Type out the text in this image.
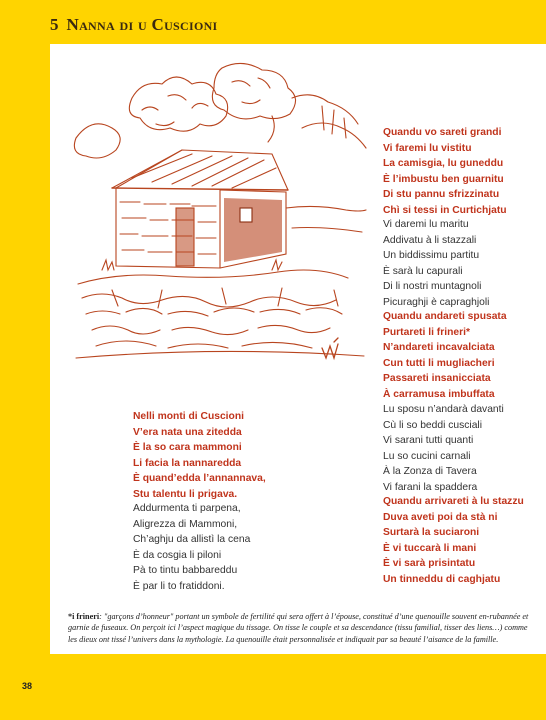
5 Nanna di u Cuscioni
Quandu vo sareti grandi
Vi faremi lu vistitu
La camisgia, lu guneddu
È l’imbustu ben guarnitu
Di stu pannu sfrizzinatu
Chì si tessi in Curtichjatu
Vi daremi lu maritu
Addivatu à li stazzali
Un biddissimu partitu
È sarà lu capurali
Di li nostri muntagnoli
Picuraghji è capraghjoli
Quandu andareti spusata
Purtareti li frineri*
N’andareti incavalciata
Cun tutti li mugliacheri
Passareti insanicciata
À carramusa imbuffata
Lu sposu n’andarà davanti
Cù li so beddi cusciali
Vi sarani tutti quanti
Lu so cucini carnali
À la Zonza di Tavera
Vi farani la spaddera
Quandu arrivareti à lu stazzu
Duva aveti poi da stà ni
Surtarà la suciaroni
È vi tuccarà li mani
È vi sarà prisintatu
Un tinneddu di caghjatu
Nelli monti di Cuscioni
V’era nata una zitedda
È la so cara mammoni
Li facia la nannaredda
È quand’edda l’annannava,
Stu talentu li prigava.
Addurmenta ti parpena,
Aligrezza di Mammoni,
Ch’aghju da allistì la cena
È da cosgia li piloni
Pà to tintu babbareddu
È par li to fratiddoni.
*i frineri: "garçons d’honneur" portant un symbole de fertilité qui sera offert à l’épouse, constitué d’une quenouille souvent en-rubannée et garnie de fuseaux. On perçoit ici l’aspect magique du tissage. On tisse le couple et sa descendance (tissu familial, tisser des liens…) comme les dieux ont tissé l’univers dans la mythologie. La quenouille était personnalisée et indiquait par sa beauté l’aisance de la famille.
38
